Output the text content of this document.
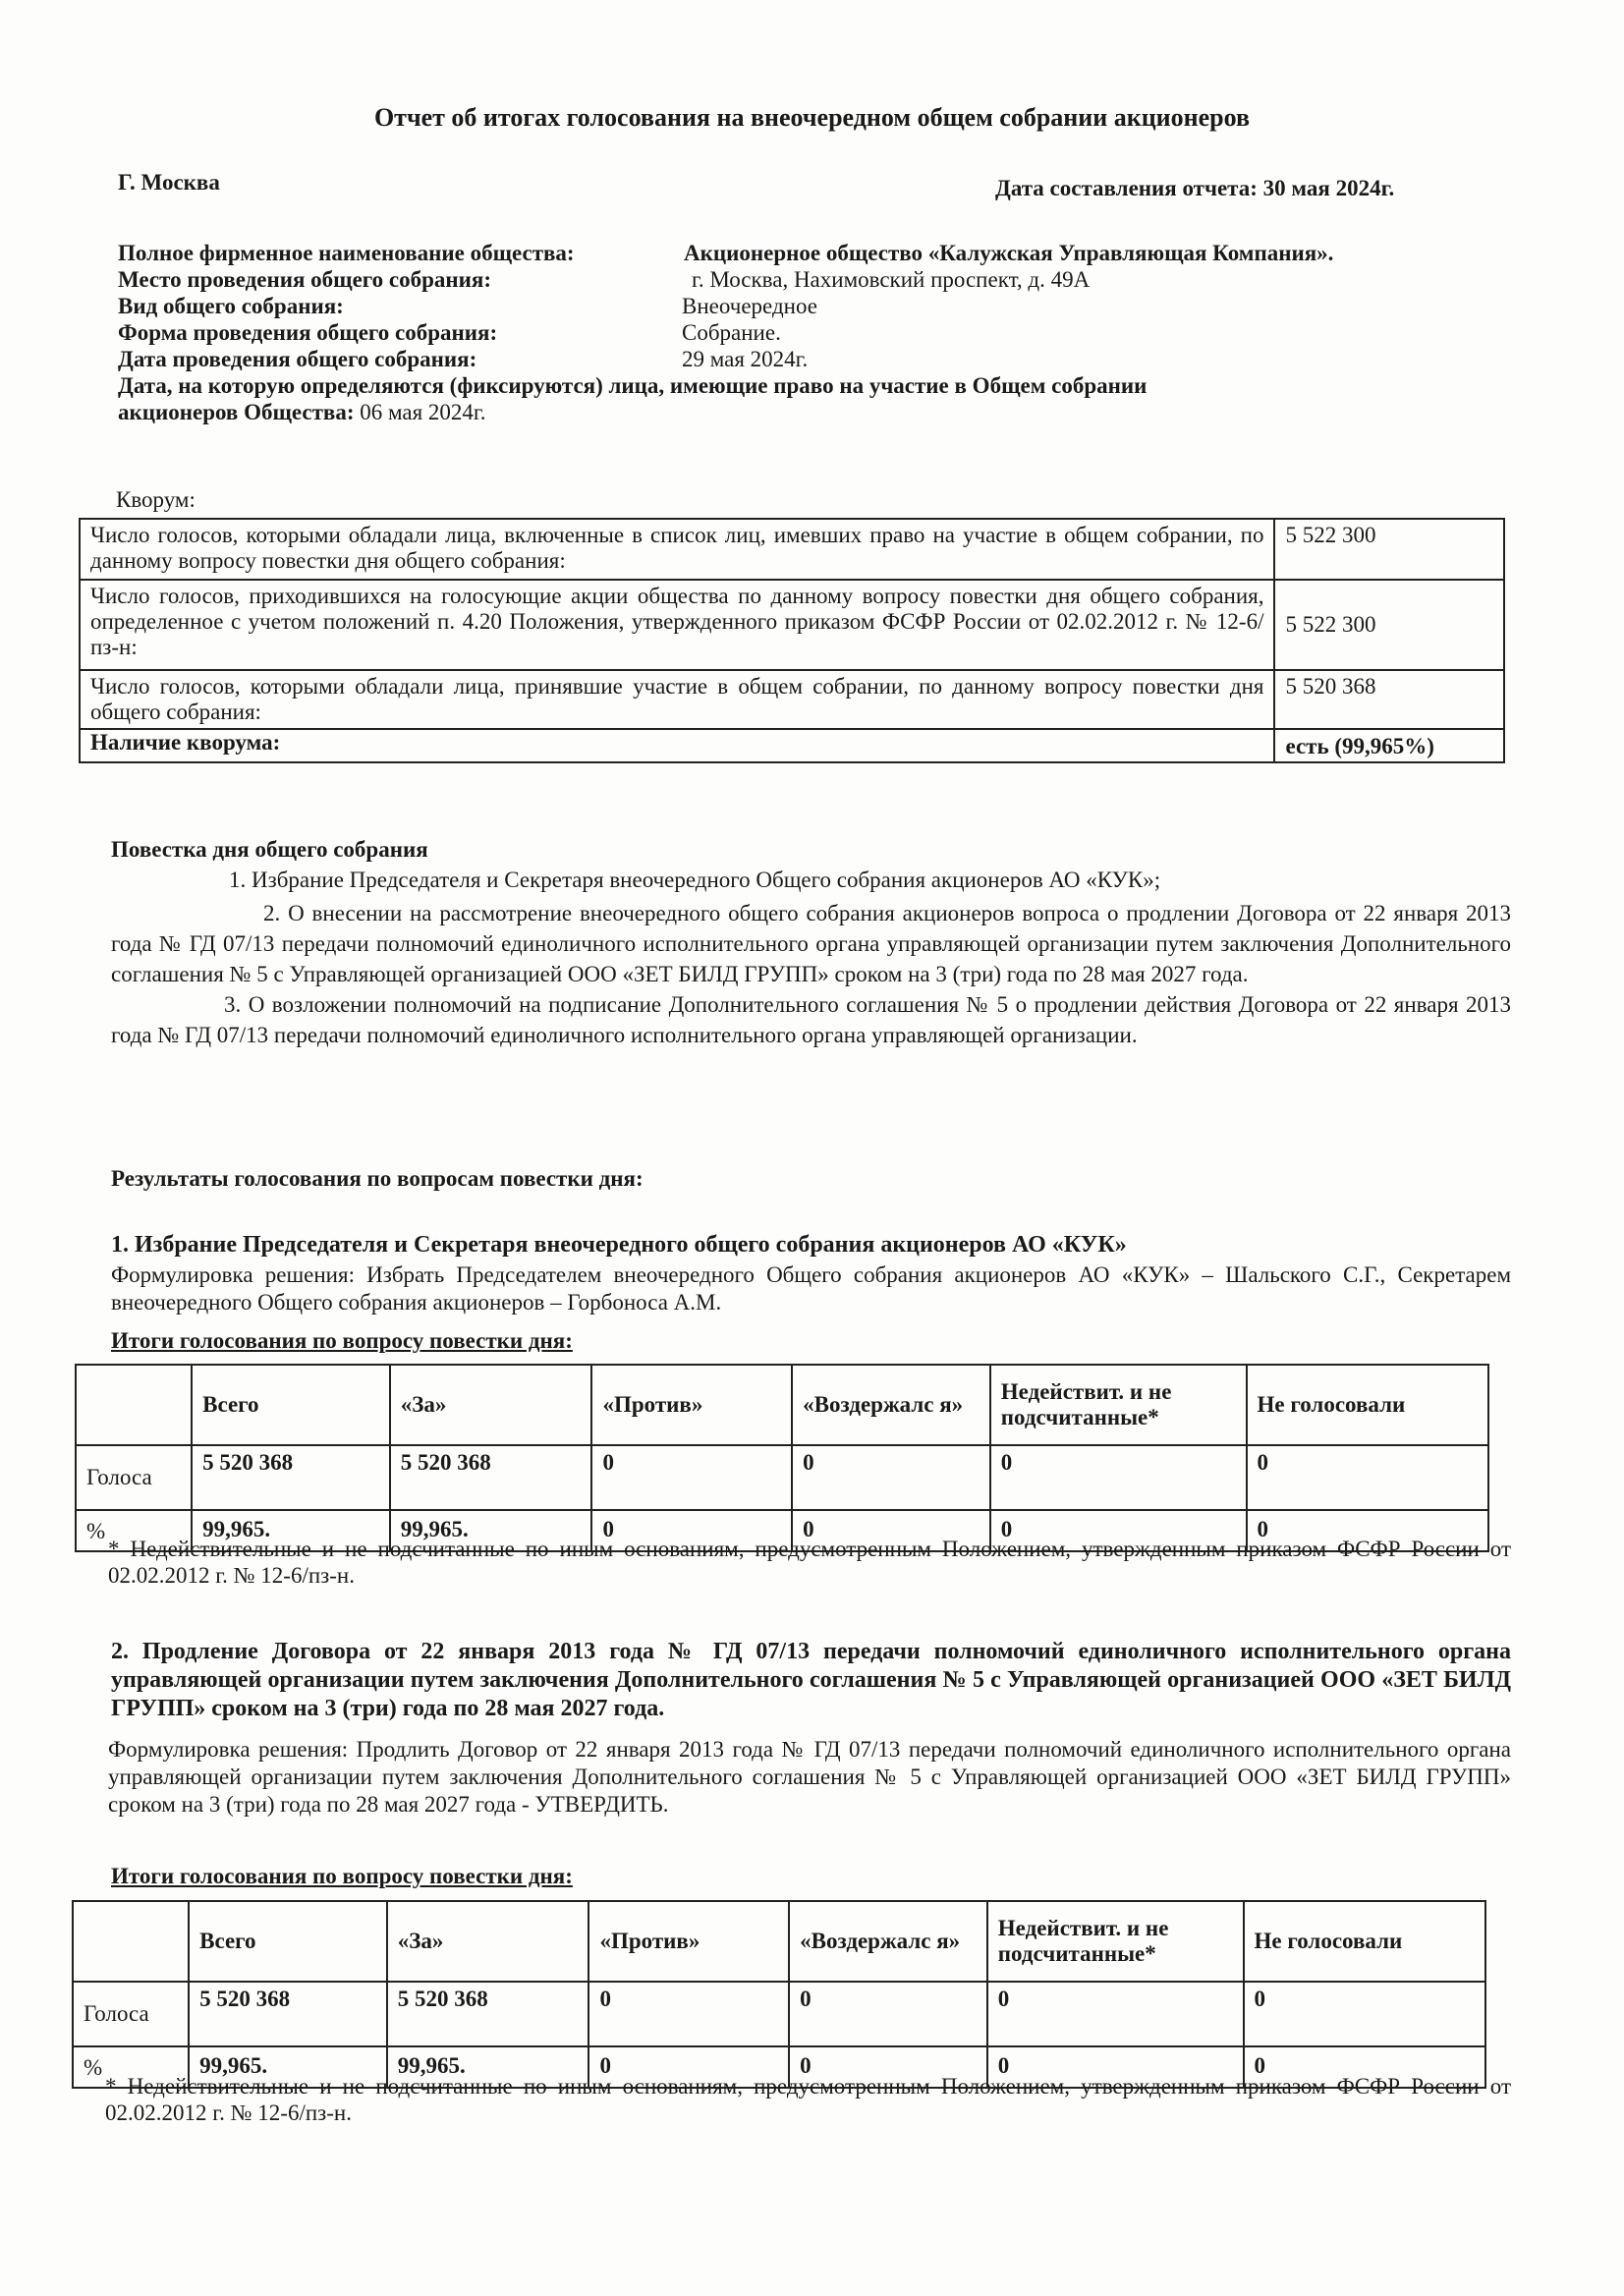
Отчет об итогах голосования на внеочередном общем собрании акционеров
Г. Москва	Дата составления отчета: 30 мая 2024г.
Полное фирменное наименование общества:	Акционерное общество «Калужская Управляющая Компания».
Место проведения общего собрания:	г. Москва, Нахимовский проспект, д. 49А
Вид общего собрания:	Внеочередное
Форма проведения общего собрания:	Собрание.
Дата проведения общего собрания:	29 мая 2024г.
Дата, на которую определяются (фиксируются) лица, имеющие право на участие в Общем собрании
акционеров Общества: 06 мая 2024г.
Кворум:
Число голосов, которыми обладали лица, включенные в список лиц, имевших право на участие в общем собрании, по данному вопросу повестки дня общего собрания:	5 522 300
Число голосов, приходившихся на голосующие акции общества по данному вопросу повестки дня общего собрания, определенное с учетом положений п. 4.20 Положения, утвержденного приказом ФСФР России от 02.02.2012 г. № 12-6/пз-н:	5 522 300
Число голосов, которыми обладали лица, принявшие участие в общем собрании, по данному вопросу повестки дня общего собрания:	5 520 368
Наличие кворума:	есть (99,965%)
Повестка дня общего собрания
1. Избрание Председателя и Секретаря внеочередного Общего собрания акционеров АО «КУК»;
2. О внесении на рассмотрение внеочередного общего собрания акционеров вопроса о продлении Договора от 22 января 2013 года № ГД 07/13 передачи полномочий единоличного исполнительного органа управляющей организации путем заключения Дополнительного соглашения № 5 с Управляющей организацией ООО «ЗЕТ БИЛД ГРУПП» сроком на 3 (три) года по 28 мая 2027 года.
3. О возложении полномочий на подписание Дополнительного соглашения № 5 о продлении действия Договора от 22 января 2013 года № ГД 07/13 передачи полномочий единоличного исполнительного органа управляющей организации.
Результаты голосования по вопросам повестки дня:
1. Избрание Председателя и Секретаря внеочередного общего собрания акционеров АО «КУК»
Формулировка решения: Избрать Председателем внеочередного Общего собрания акционеров АО «КУК» – Шальского С.Г., Секретарем внеочередного Общего собрания акционеров – Горбоноса А.М.
Итоги голосования по вопросу повестки дня:
	Всего	«За»	«Против»	«Воздержалс я»	Недействит. и не подсчитанные*	Не голосовали
Голоса	5 520 368	5 520 368	0	0	0	0
%	99,965.	99,965.	0	0	0	0
* Недействительные и не подсчитанные по иным основаниям, предусмотренным Положением, утвержденным приказом ФСФР России от 02.02.2012 г. № 12-6/пз-н.
2. Продление Договора от 22 января 2013 года № ГД 07/13 передачи полномочий единоличного исполнительного органа управляющей организации путем заключения Дополнительного соглашения № 5 с Управляющей организацией ООО «ЗЕТ БИЛД ГРУПП» сроком на 3 (три) года по 28 мая 2027 года.
Формулировка решения: Продлить Договор от 22 января 2013 года № ГД 07/13 передачи полномочий единоличного исполнительного органа управляющей организации путем заключения Дополнительного соглашения № 5 с Управляющей организацией ООО «ЗЕТ БИЛД ГРУПП» сроком на 3 (три) года по 28 мая 2027 года - УТВЕРДИТЬ.
Итоги голосования по вопросу повестки дня:
	Всего	«За»	«Против»	«Воздержалс я»	Недействит. и не подсчитанные*	Не голосовали
Голоса	5 520 368	5 520 368	0	0	0	0
%	99,965.	99,965.	0	0	0	0
* Недействительные и не подсчитанные по иным основаниям, предусмотренным Положением, утвержденным приказом ФСФР России от 02.02.2012 г. № 12-6/пз-н.
